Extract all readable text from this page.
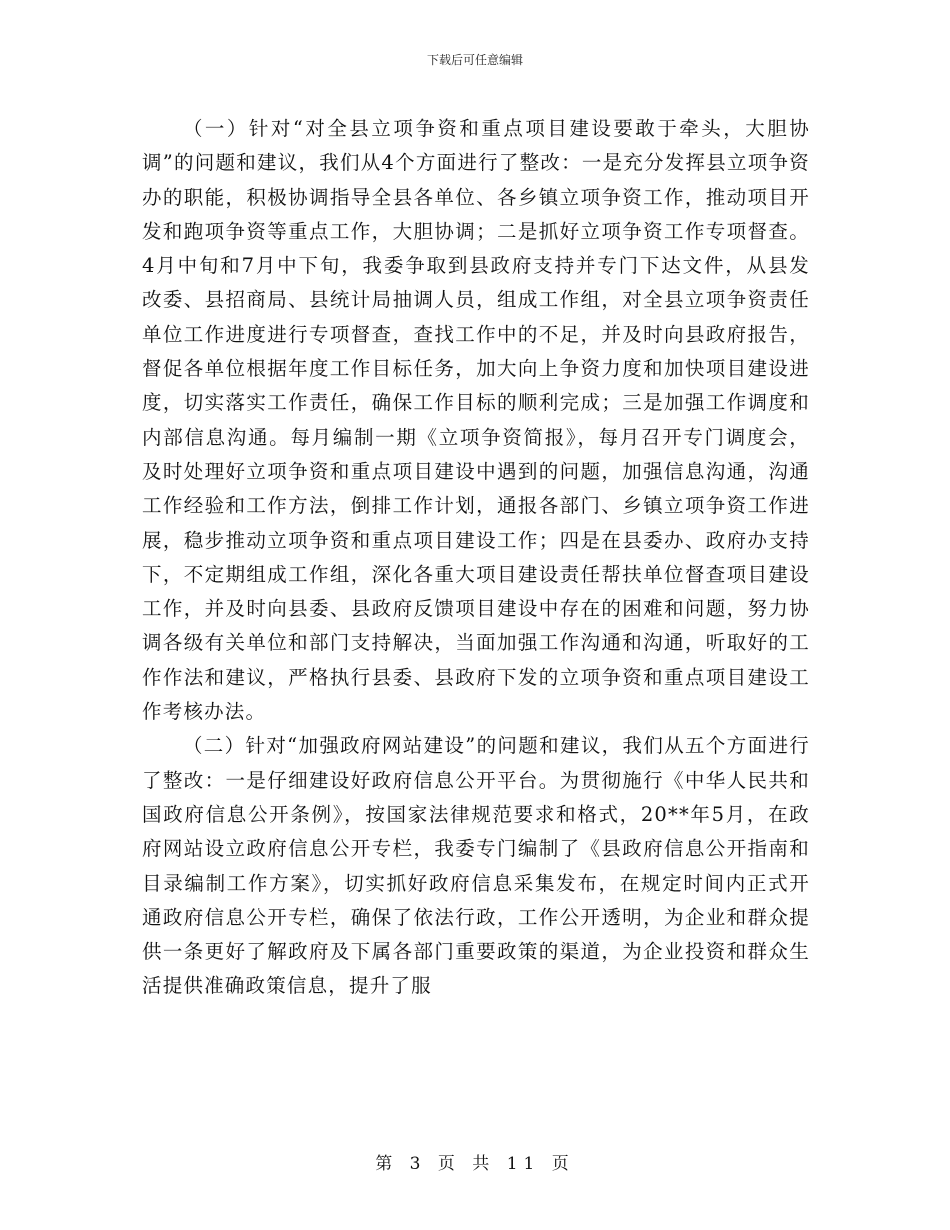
下载后可任意编辑

（一）针对“对全县立项争资和重点项目建设要敢于牵头，大胆协调”的问题和建议，我们从4个方面进行了整改：一是充分发挥县立项争资办的职能，积极协调指导全县各单位、各乡镇立项争资工作，推动项目开发和跑项争资等重点工作，大胆协调；二是抓好立项争资工作专项督查。4月中旬和7月中下旬，我委争取到县政府支持并专门下达文件，从县发改委、县招商局、县统计局抽调人员，组成工作组，对全县立项争资责任单位工作进度进行专项督查，查找工作中的不足，并及时向县政府报告，督促各单位根据年度工作目标任务，加大向上争资力度和加快项目建设进度，切实落实工作责任，确保工作目标的顺利完成；三是加强工作调度和内部信息沟通。每月编制一期《立项争资简报》，每月召开专门调度会，及时处理好立项争资和重点项目建设中遇到的问题，加强信息沟通，沟通工作经验和工作方法，倒排工作计划，通报各部门、乡镇立项争资工作进展，稳步推动立项争资和重点项目建设工作；四是在县委办、政府办支持下，不定期组成工作组，深化各重大项目建设责任帮扶单位督查项目建设工作，并及时向县委、县政府反馈项目建设中存在的困难和问题，努力协调各级有关单位和部门支持解决，当面加强工作沟通和沟通，听取好的工作作法和建议，严格执行县委、县政府下发的立项争资和重点项目建设工作考核办法。

（二）针对“加强政府网站建设”的问题和建议，我们从五个方面进行了整改：一是仔细建设好政府信息公开平台。为贯彻施行《中华人民共和国政府信息公开条例》，按国家法律规范要求和格式，20**年5月，在政府网站设立政府信息公开专栏，我委专门编制了《县政府信息公开指南和目录编制工作方案》，切实抓好政府信息采集发布，在规定时间内正式开通政府信息公开专栏，确保了依法行政，工作公开透明，为企业和群众提供一条更好了解政府及下属各部门重要政策的渠道，为企业投资和群众生活提供准确政策信息，提升了服

第 3 页 共 11 页
